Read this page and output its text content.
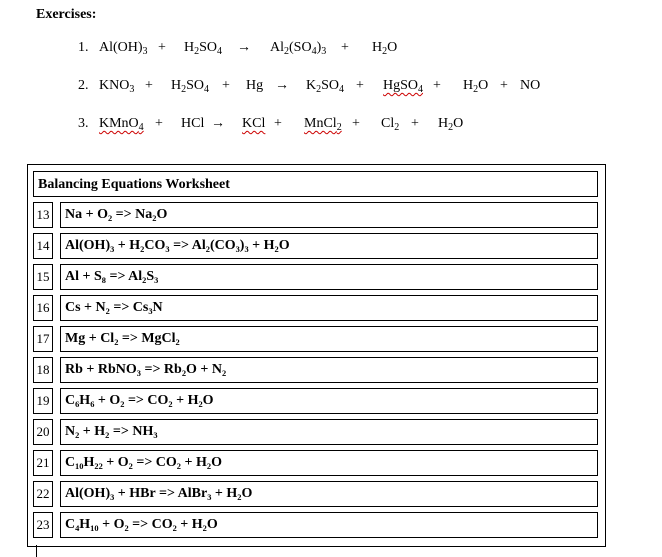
Exercises:
1. $Al(OH)_3 + H_2SO_4 \to Al_2(SO_4)_3 + H_2O$
2. $KNO_3 + H_2SO_4 + Hg \to K_2SO_4$ + HgSO$_4$ + $H_2O$ + NO
3. KMnO$_4$ + HCl → KCl + MnCl$_2$ + $Cl_2 + H_2O$
Balancing Equations Worksheet
13	Na + O₂ => Na₂O
14	Al(OH)₃ + H₂CO₃ => Al₂(CO₃)₃ + H₂O
15	Al + S₈ => Al₂S₃
16	Cs + N₂ => Cs₃N
17	Mg + Cl₂ => MgCl₂
18	Rb + RbNO₃ => Rb₂O + N₂
19	C₆H₆ + O₂ => CO₂ + H₂O
20	N₂ + H₂ => NH₃
21	C₁₀H₂₂ + O₂ => CO₂ + H₂O
22	Al(OH)₃ + HBr => AlBr₃ + H₂O
23	C₄H₁₀ + O₂ => CO₂ + H₂O
